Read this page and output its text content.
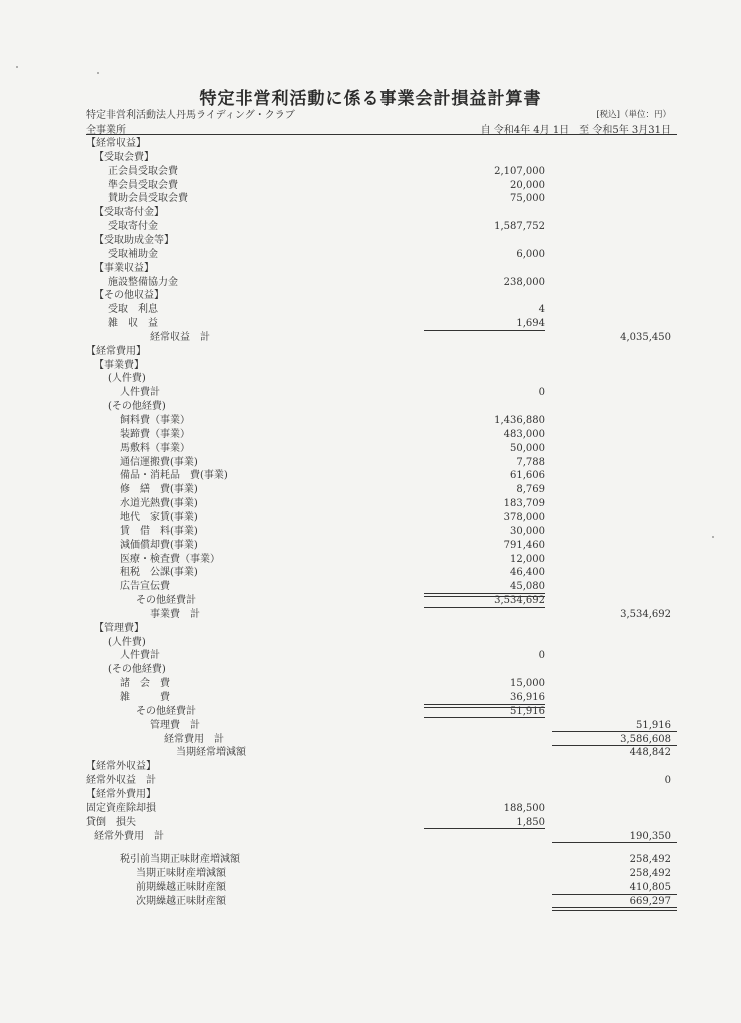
特定非営利活動に係る事業会計損益計算書
特定非営利活動法人丹馬ライディング・クラブ	[税込]（単位：円）
全事業所	自 令和4年 4月 1日　至 令和5年 3月31日
【経常収益】
【受取会費】
正会員受取会費	2,107,000
準会員受取会費	20,000
賛助会員受取会費	75,000
【受取寄付金】
受取寄付金	1,587,752
【受取助成金等】
受取補助金	6,000
【事業収益】
施設整備協力金	238,000
【その他収益】
受取　利息	4
雑　収　益	1,694
経常収益　計	4,035,450
【経常費用】
【事業費】
(人件費)
人件費計	0
(その他経費)
飼料費（事業）	1,436,880
装蹄費（事業）	483,000
馬敷料（事業）	50,000
通信運搬費(事業)	7,788
備品・消耗品　費(事業)	61,606
修　繕　費(事業)	8,769
水道光熱費(事業)	183,709
地代　家賃(事業)	378,000
賃　借　料(事業)	30,000
減価償却費(事業)	791,460
医療・検査費（事業）	12,000
租税　公課(事業)	46,400
広告宣伝費	45,080
その他経費計	3,534,692
事業費　計	3,534,692
【管理費】
(人件費)
人件費計	0
(その他経費)
諸　会　費	15,000
雑　　　費	36,916
その他経費計	51,916
管理費　計	51,916
経常費用　計	3,586,608
当期経常増減額	448,842
【経常外収益】
経常外収益　計	0
【経常外費用】
固定資産除却損	188,500
貸倒　損失	1,850
経常外費用　計	190,350
税引前当期正味財産増減額	258,492
当期正味財産増減額	258,492
前期繰越正味財産額	410,805
次期繰越正味財産額	669,297
